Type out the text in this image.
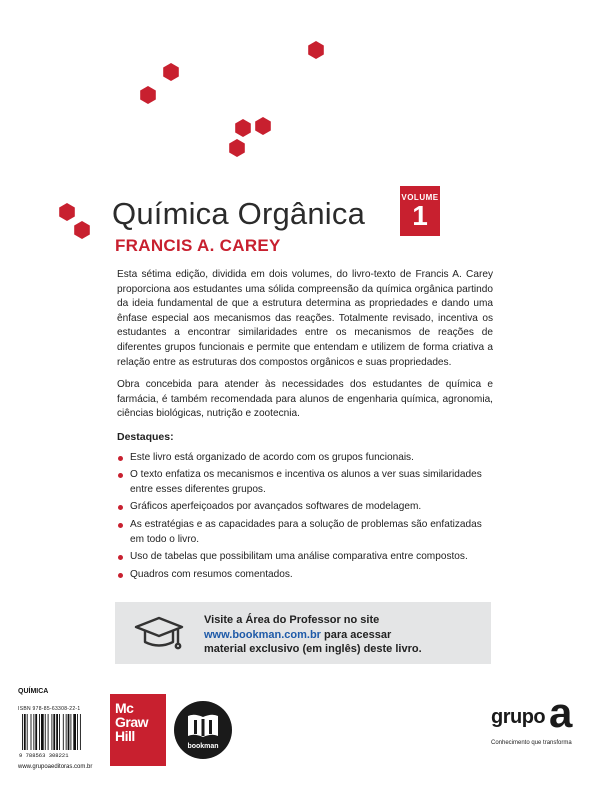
Química Orgânica	VOLUME
1
FRANCIS A. CAREY

Esta sétima edição, dividida em dois volumes, do livro-texto de Francis A. Carey proporciona aos estudantes uma sólida compreensão da química orgânica partindo da ideia fundamental de que a estrutura determina as propriedades e dando uma ênfase especial aos mecanismos das reações. Totalmente revisado, incentiva os estudantes a encontrar similaridades entre os mecanismos de reações de diferentes grupos funcionais e permite que entendam e utilizem de forma criativa a relação entre as estruturas dos compostos orgânicos e suas propriedades.

Obra concebida para atender às necessidades dos estudantes de química e farmácia, é também recomendada para alunos de engenharia química, agronomia, ciências biológicas, nutrição e zootecnia.

Destaques:
Este livro está organizado de acordo com os grupos funcionais.
O texto enfatiza os mecanismos e incentiva os alunos a ver suas similaridades entre esses diferentes grupos.
Gráficos aperfeiçoados por avançados softwares de modelagem.
As estratégias e as capacidades para a solução de problemas são enfatizadas em todo o livro.
Uso de tabelas que possibilitam uma análise comparativa entre compostos.
Quadros com resumos comentados.
Visite a Área do Professor no site
www.bookman.com.br para acessar
material exclusivo (em inglês) deste livro.
QUÍMICA
ISBN 978-85-63308-22-1
9 788563 308221
www.grupoaeditoras.com.br
Mc
Graw
Hill
bookman
grupo a
Conhecimento que transforma
